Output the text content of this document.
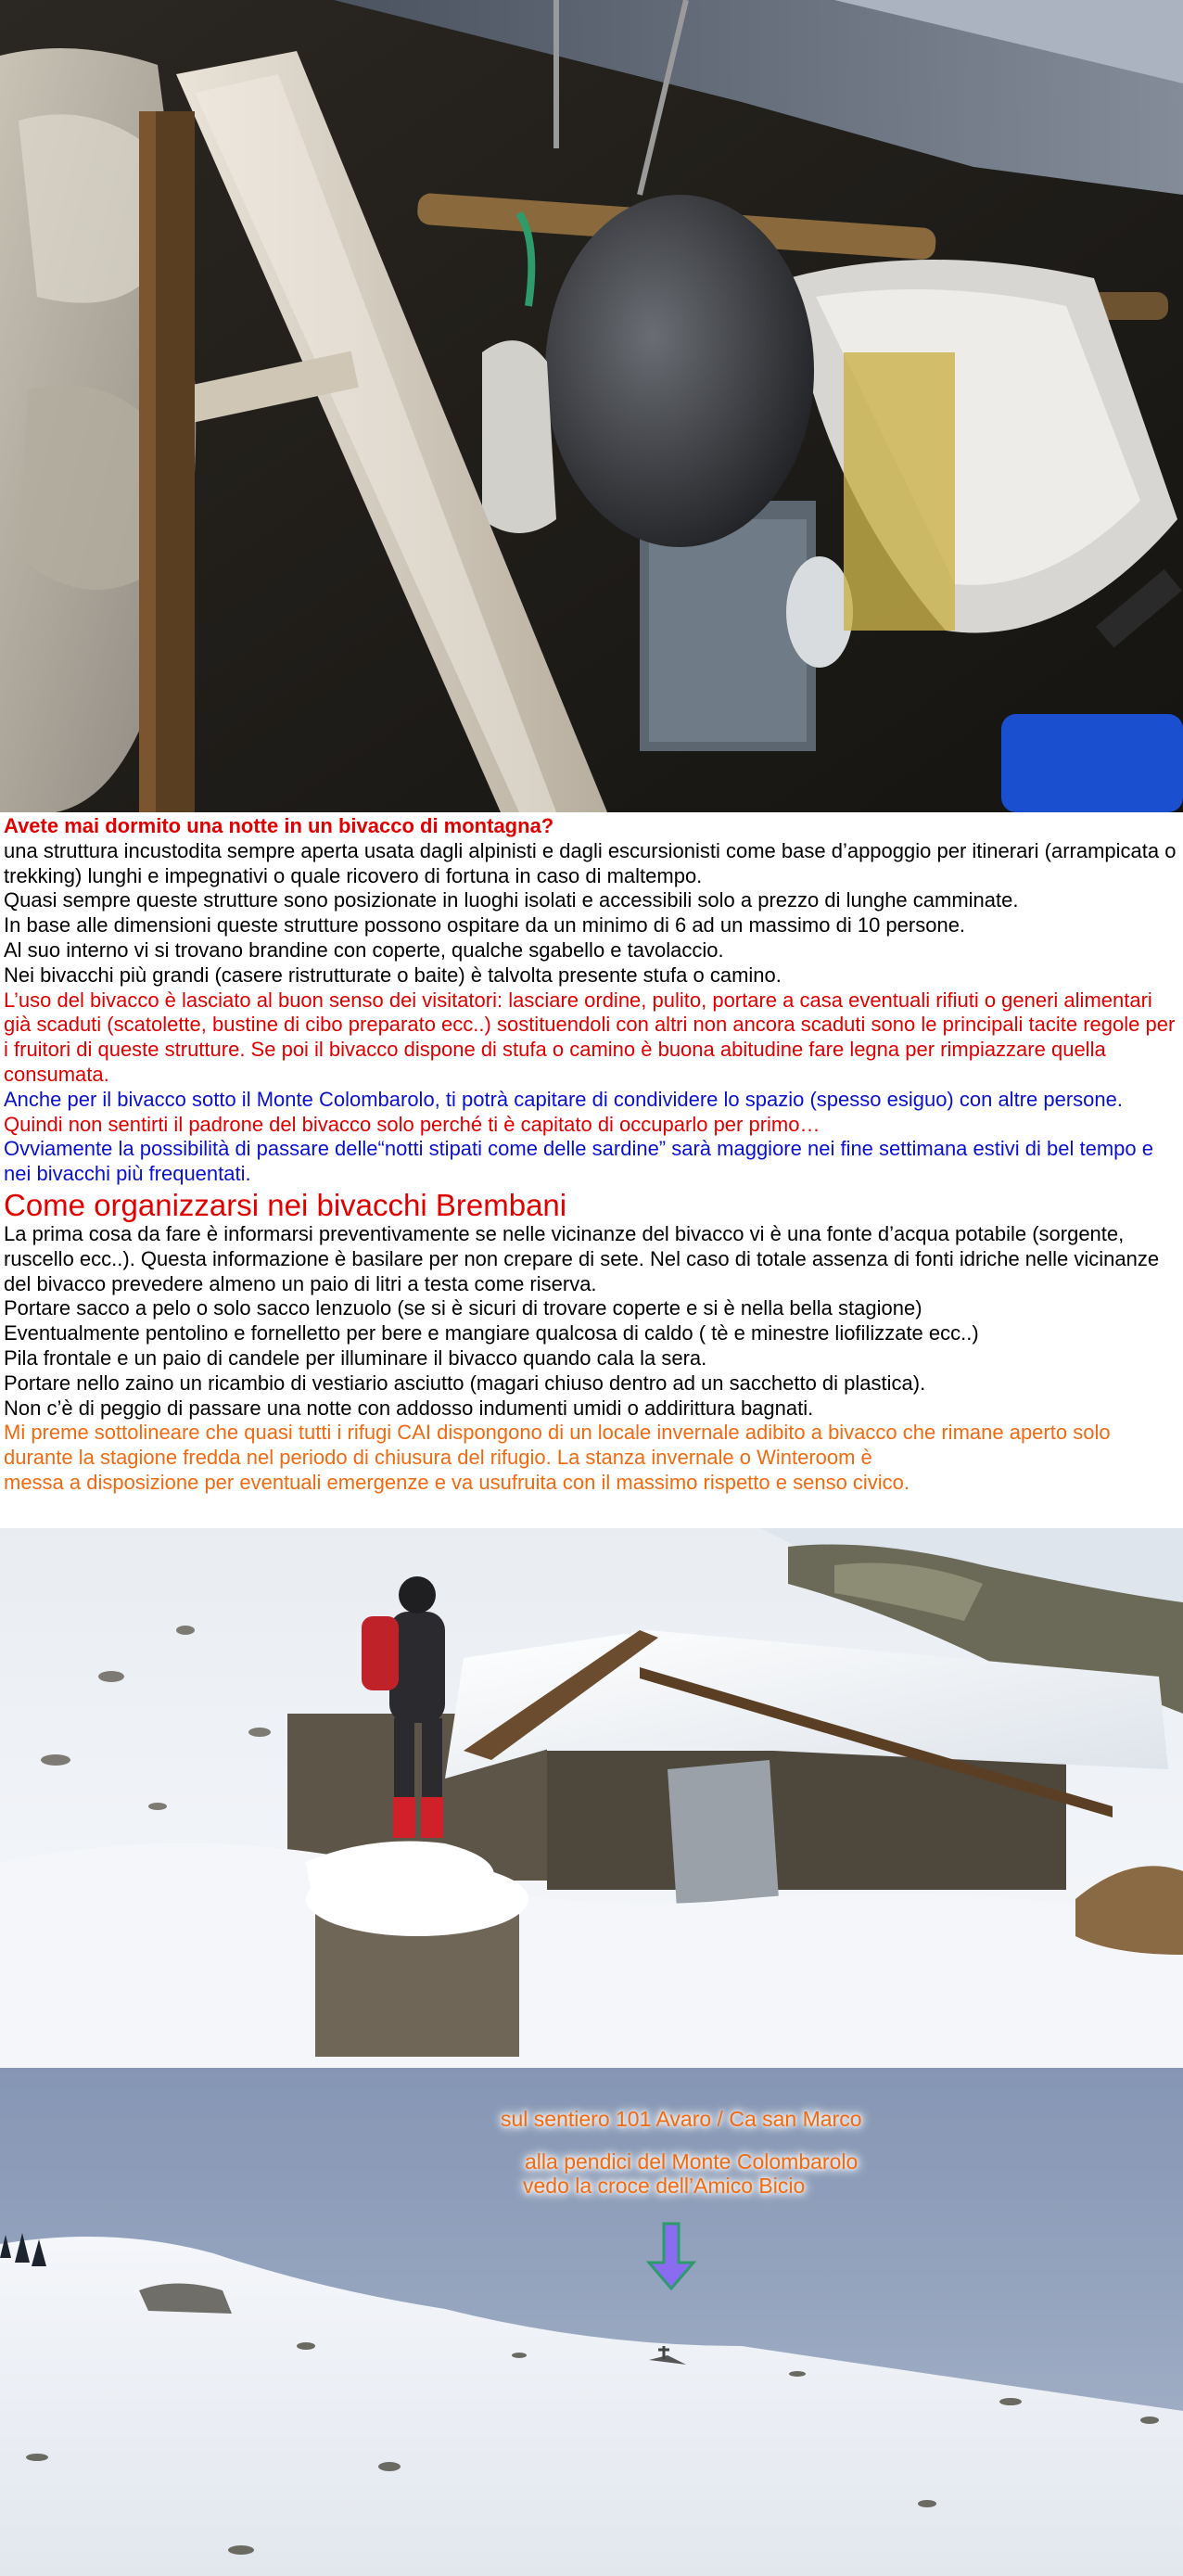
Avete mai dormito una notte in un bivacco di montagna?

una struttura incustodita sempre aperta usata dagli alpinisti e dagli escursionisti come base d’appoggio per itinerari (arrampicata o trekking) lunghi e impegnativi o quale ricovero di fortuna in caso di maltempo.

Quasi sempre queste strutture sono posizionate in luoghi isolati e accessibili solo a prezzo di lunghe camminate.

In base alle dimensioni queste strutture possono ospitare da un minimo di 6 ad un massimo di 10 persone.

Al suo interno vi si trovano brandine con coperte, qualche sgabello e tavolaccio.

Nei bivacchi più grandi (casere ristrutturate o baite) è talvolta presente stufa o camino.

L’uso del bivacco è lasciato al buon senso dei visitatori: lasciare ordine, pulito, portare a casa eventuali rifiuti o generi alimentari già scaduti (scatolette, bustine di cibo preparato ecc..) sostituendoli con altri non ancora scaduti sono le principali tacite regole per i fruitori di queste strutture. Se poi il bivacco dispone di stufa o camino è buona abitudine fare legna per rimpiazzare quella consumata.

Anche per il bivacco sotto il Monte Colombarolo, ti potrà capitare di condividere lo spazio (spesso esiguo) con altre persone.

Quindi non sentirti il padrone del bivacco solo perché ti è capitato di occuparlo per primo…

Ovviamente la possibilità di passare delle“notti stipati come delle sardine” sarà maggiore nei fine settimana estivi di bel tempo e nei bivacchi più frequentati.

Come organizzarsi nei bivacchi Brembani

La prima cosa da fare è informarsi preventivamente se nelle vicinanze del bivacco vi è una fonte d’acqua potabile (sorgente, ruscello ecc..). Questa informazione è basilare per non crepare di sete. Nel caso di totale assenza di fonti idriche nelle vicinanze del bivacco prevedere almeno un paio di litri a testa come riserva.

Portare sacco a pelo o solo sacco lenzuolo (se si è sicuri di trovare coperte e si è nella bella stagione)

Eventualmente pentolino e fornelletto per bere e mangiare qualcosa di caldo ( tè e minestre liofilizzate ecc..)

Pila frontale e un paio di candele per illuminare il bivacco quando cala la sera.

Portare nello zaino un ricambio di vestiario asciutto (magari chiuso dentro ad un sacchetto di plastica).

Non c’è di peggio di passare una notte con addosso indumenti umidi o addirittura bagnati.

Mi preme sottolineare che quasi tutti i rifugi CAI dispongono di un locale invernale adibito a bivacco che rimane aperto solo durante la stagione fredda nel periodo di chiusura del rifugio. La stanza invernale o Winteroom è

messa a disposizione per eventuali emergenze e va usufruita con il massimo rispetto e senso civico.

sul sentiero 101 Avaro / Ca san Marco
alla pendici del Monte Colombarolo
vedo la croce dell’Amico Bicio
